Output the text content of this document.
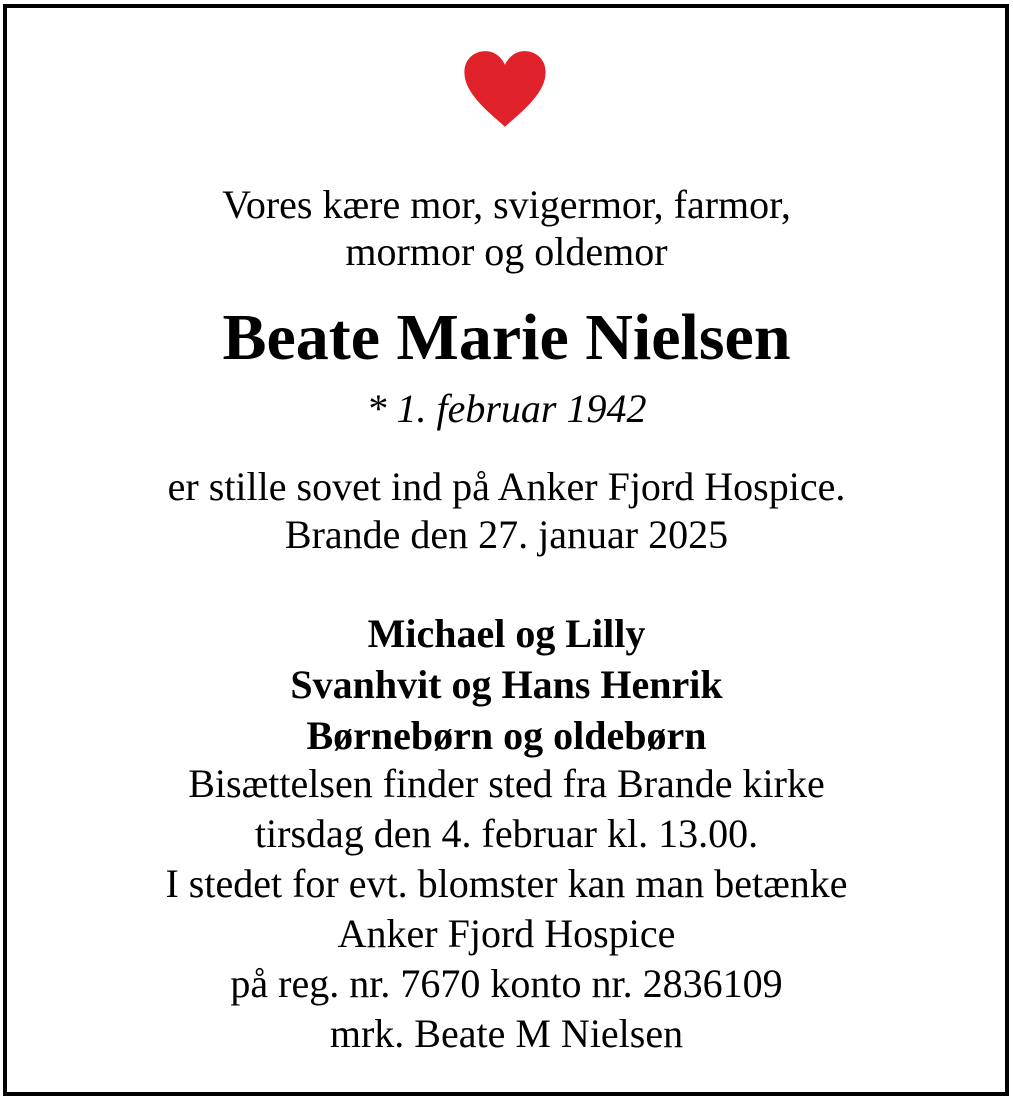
Vores kære mor, svigermor, farmor,
mormor og oldemor
Beate Marie Nielsen
* 1. februar 1942
er stille sovet ind på Anker Fjord Hospice.
Brande den 27. januar 2025
Michael og Lilly
Svanhvit og Hans Henrik
Børnebørn og oldebørn
Bisættelsen finder sted fra Brande kirke
tirsdag den 4. februar kl. 13.00.
I stedet for evt. blomster kan man betænke
Anker Fjord Hospice
på reg. nr. 7670 konto nr. 2836109
mrk. Beate M Nielsen
